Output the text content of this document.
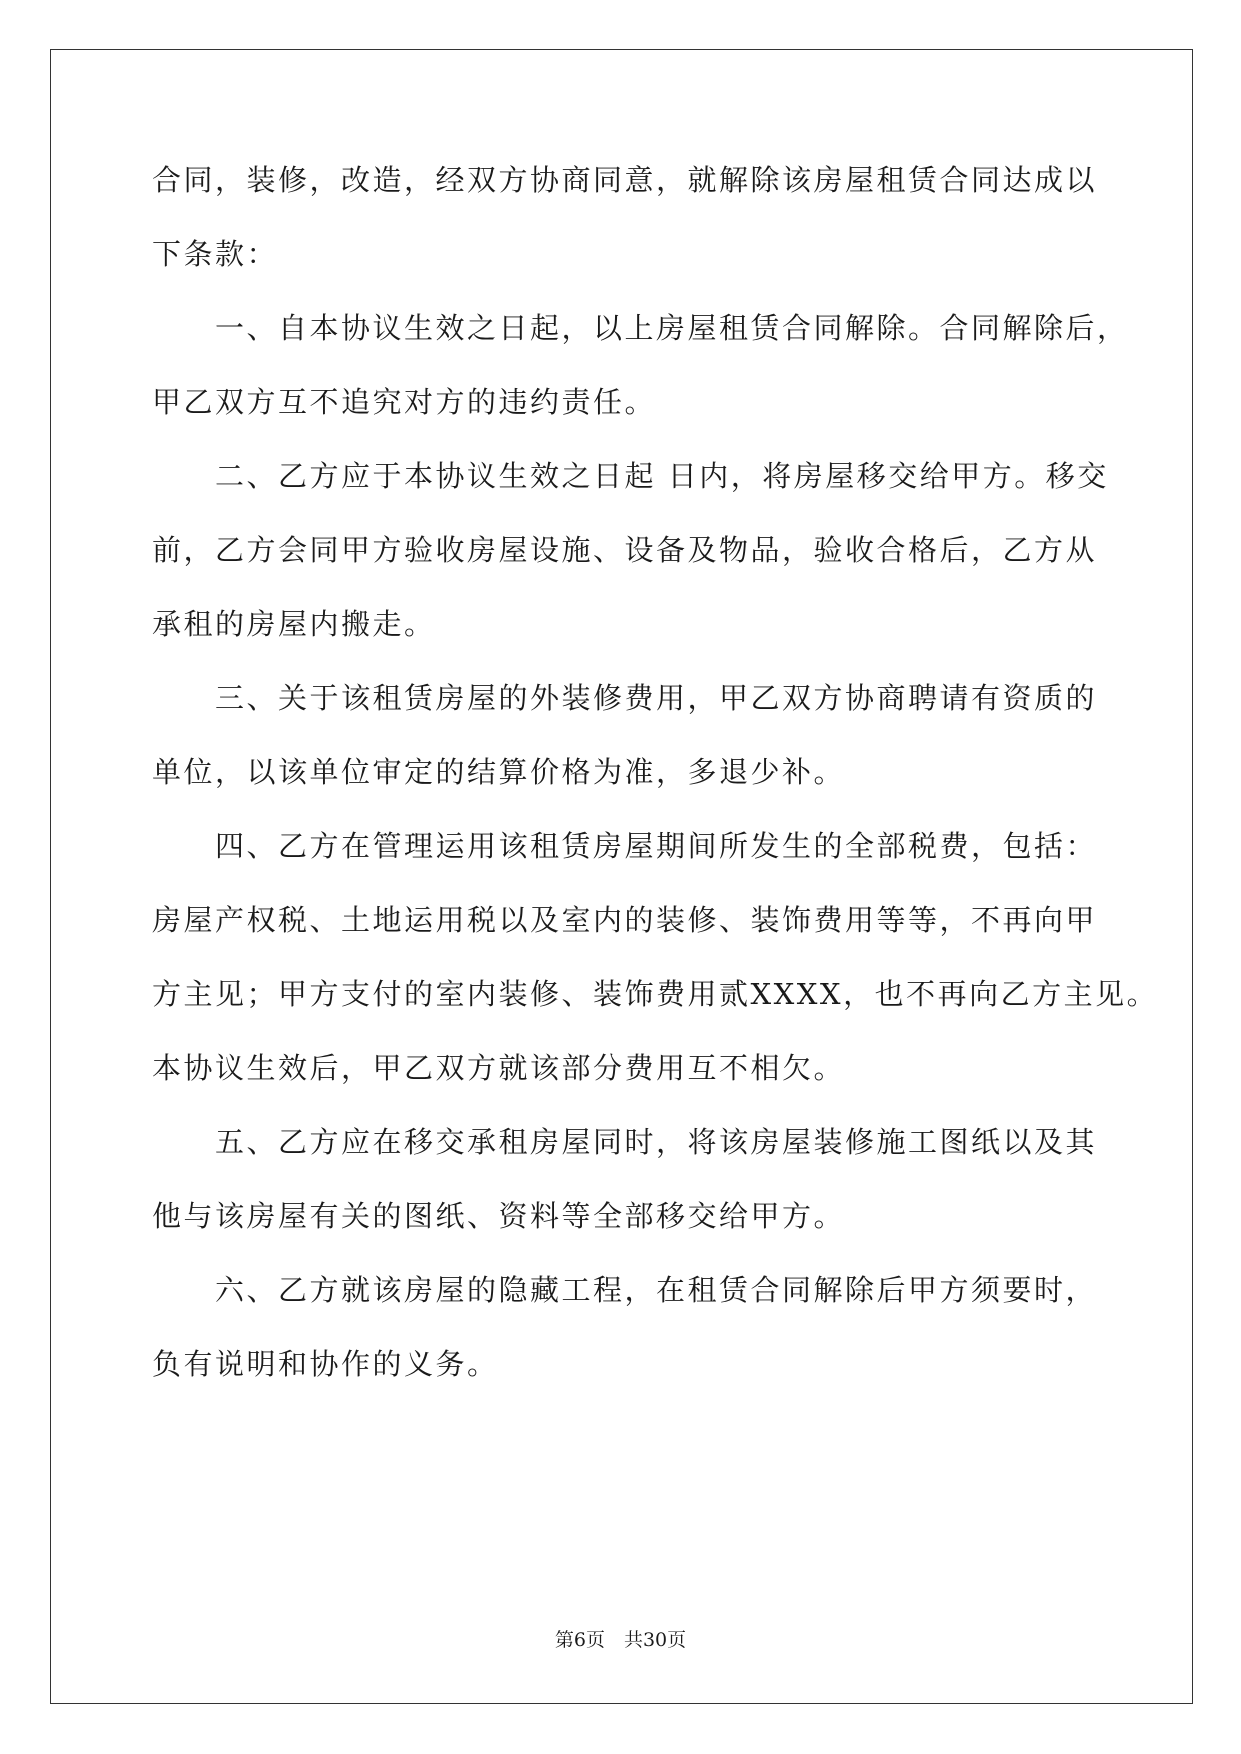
合同，装修，改造，经双方协商同意，就解除该房屋租赁合同达成以
下条款：
　　一、自本协议生效之日起，以上房屋租赁合同解除。合同解除后，
甲乙双方互不追究对方的违约责任。
　　二、乙方应于本协议生效之日起 日内，将房屋移交给甲方。移交
前，乙方会同甲方验收房屋设施、设备及物品，验收合格后，乙方从
承租的房屋内搬走。
　　三、关于该租赁房屋的外装修费用，甲乙双方协商聘请有资质的
单位，以该单位审定的结算价格为准，多退少补。
　　四、乙方在管理运用该租赁房屋期间所发生的全部税费，包括：
房屋产权税、土地运用税以及室内的装修、装饰费用等等，不再向甲
方主见；甲方支付的室内装修、装饰费用贰XXXX，也不再向乙方主见。
本协议生效后，甲乙双方就该部分费用互不相欠。
　　五、乙方应在移交承租房屋同时，将该房屋装修施工图纸以及其
他与该房屋有关的图纸、资料等全部移交给甲方。
　　六、乙方就该房屋的隐藏工程，在租赁合同解除后甲方须要时，
负有说明和协作的义务。
第6页　共30页
